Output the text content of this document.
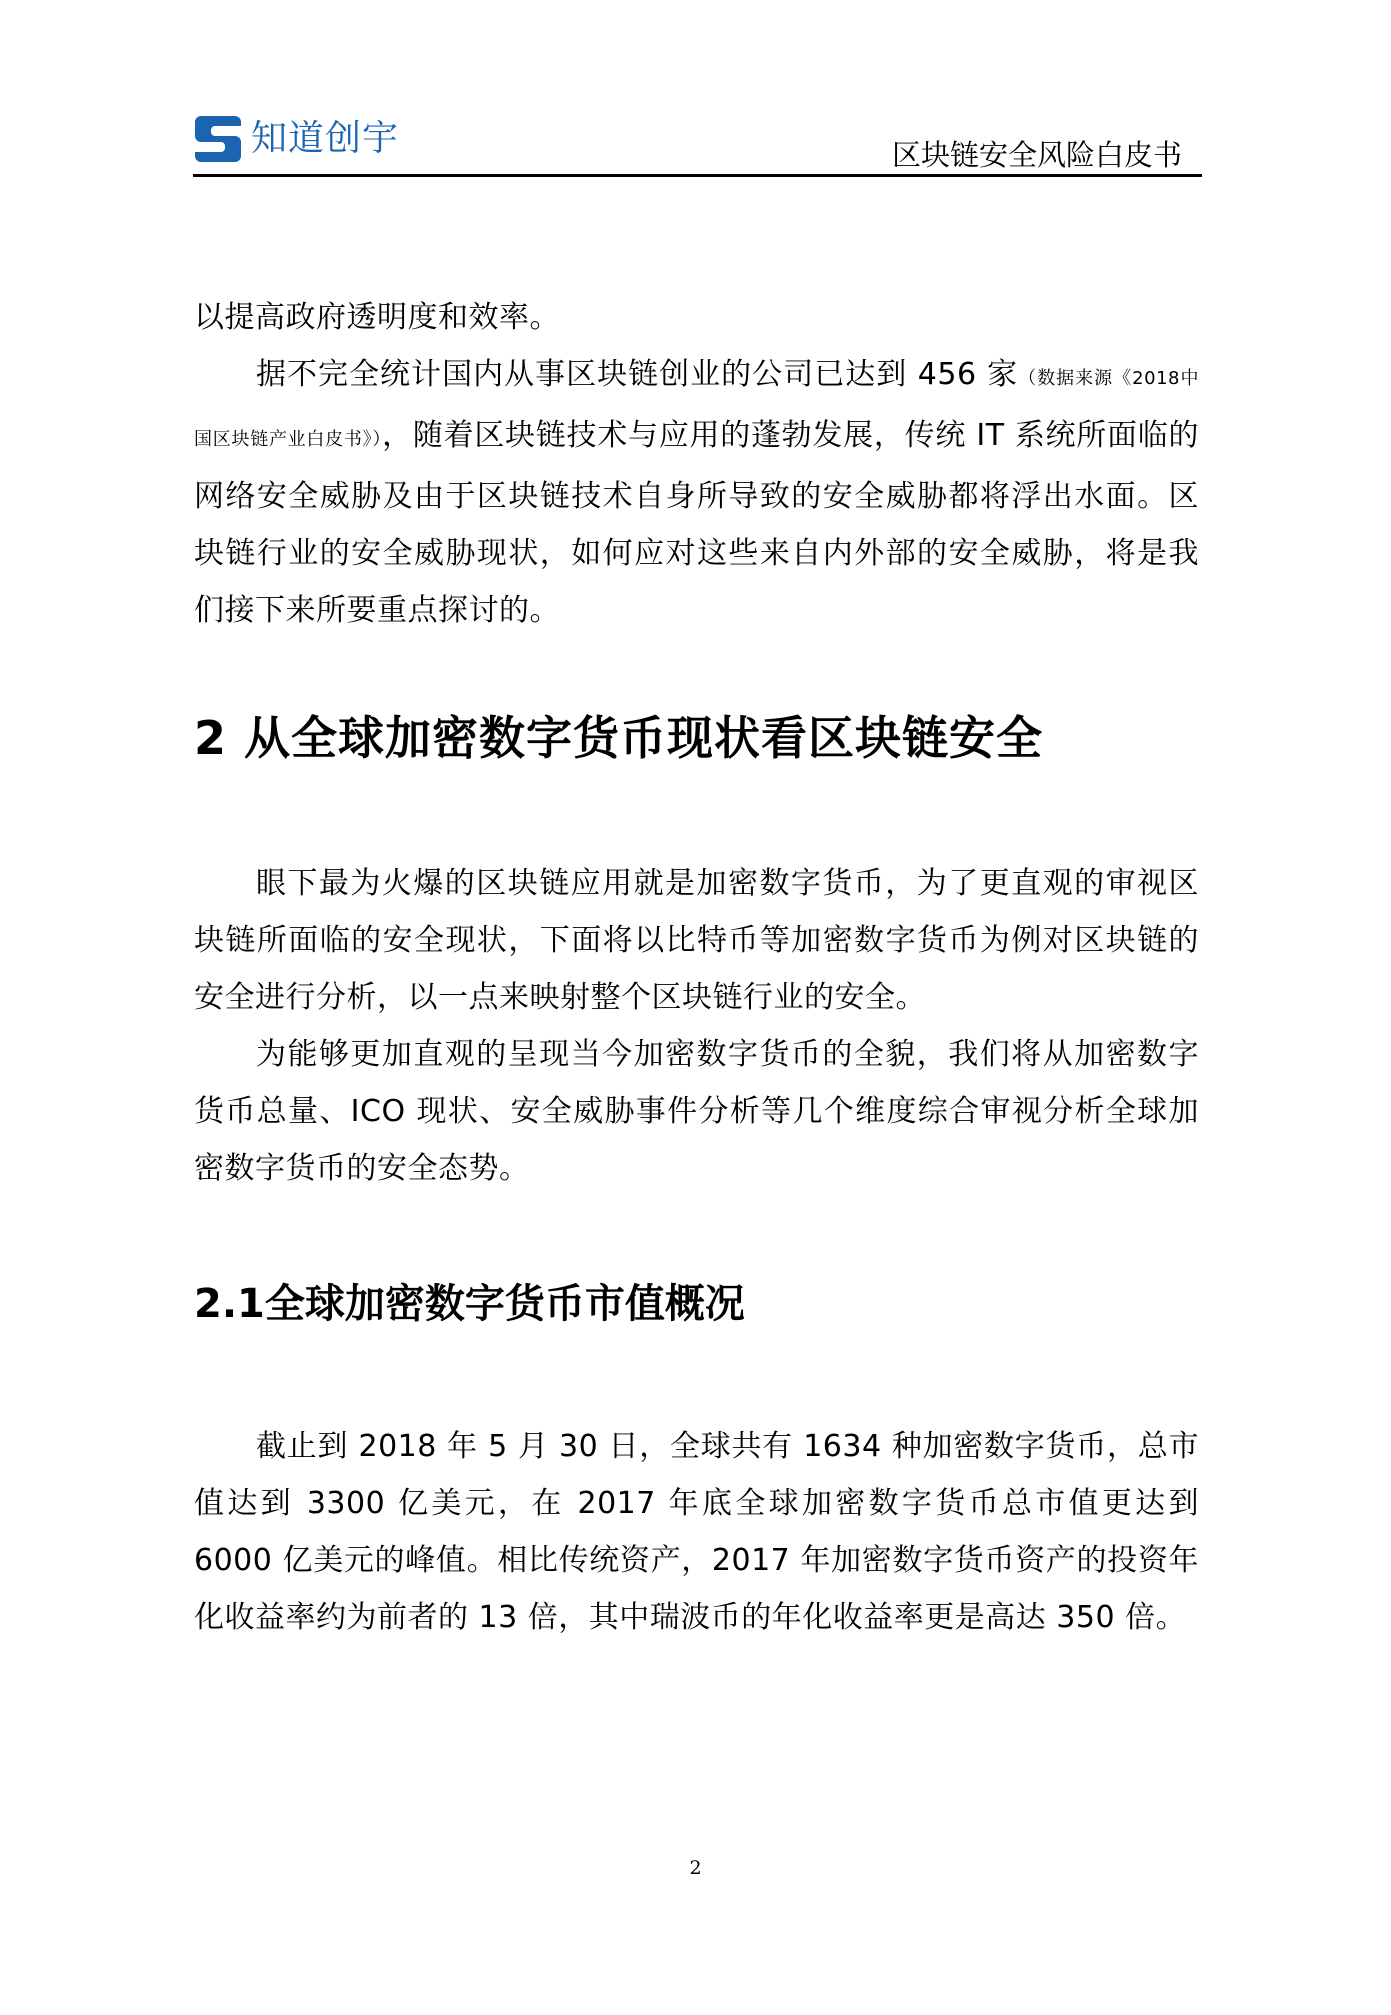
知道创宇	区块链安全风险白皮书

以提高政府透明度和效率。

据不完全统计国内从事区块链创业的公司已达到 456 家（数据来源《2018中国区块链产业白皮书》），随着区块链技术与应用的蓬勃发展，传统 IT 系统所面临的网络安全威胁及由于区块链技术自身所导致的安全威胁都将浮出水面。区块链行业的安全威胁现状，如何应对这些来自内外部的安全威胁，将是我们接下来所要重点探讨的。

2 从全球加密数字货币现状看区块链安全

眼下最为火爆的区块链应用就是加密数字货币，为了更直观的审视区块链所面临的安全现状，下面将以比特币等加密数字货币为例对区块链的安全进行分析，以一点来映射整个区块链行业的安全。

为能够更加直观的呈现当今加密数字货币的全貌，我们将从加密数字货币总量、ICO 现状、安全威胁事件分析等几个维度综合审视分析全球加密数字货币的安全态势。

2.1全球加密数字货币市值概况

截止到 2018 年 5 月 30 日，全球共有 1634 种加密数字货币，总市值达到 3300 亿美元，在 2017 年底全球加密数字货币总市值更达到 6000 亿美元的峰值。相比传统资产，2017 年加密数字货币资产的投资年化收益率约为前者的 13 倍，其中瑞波币的年化收益率更是高达 350 倍。

2
